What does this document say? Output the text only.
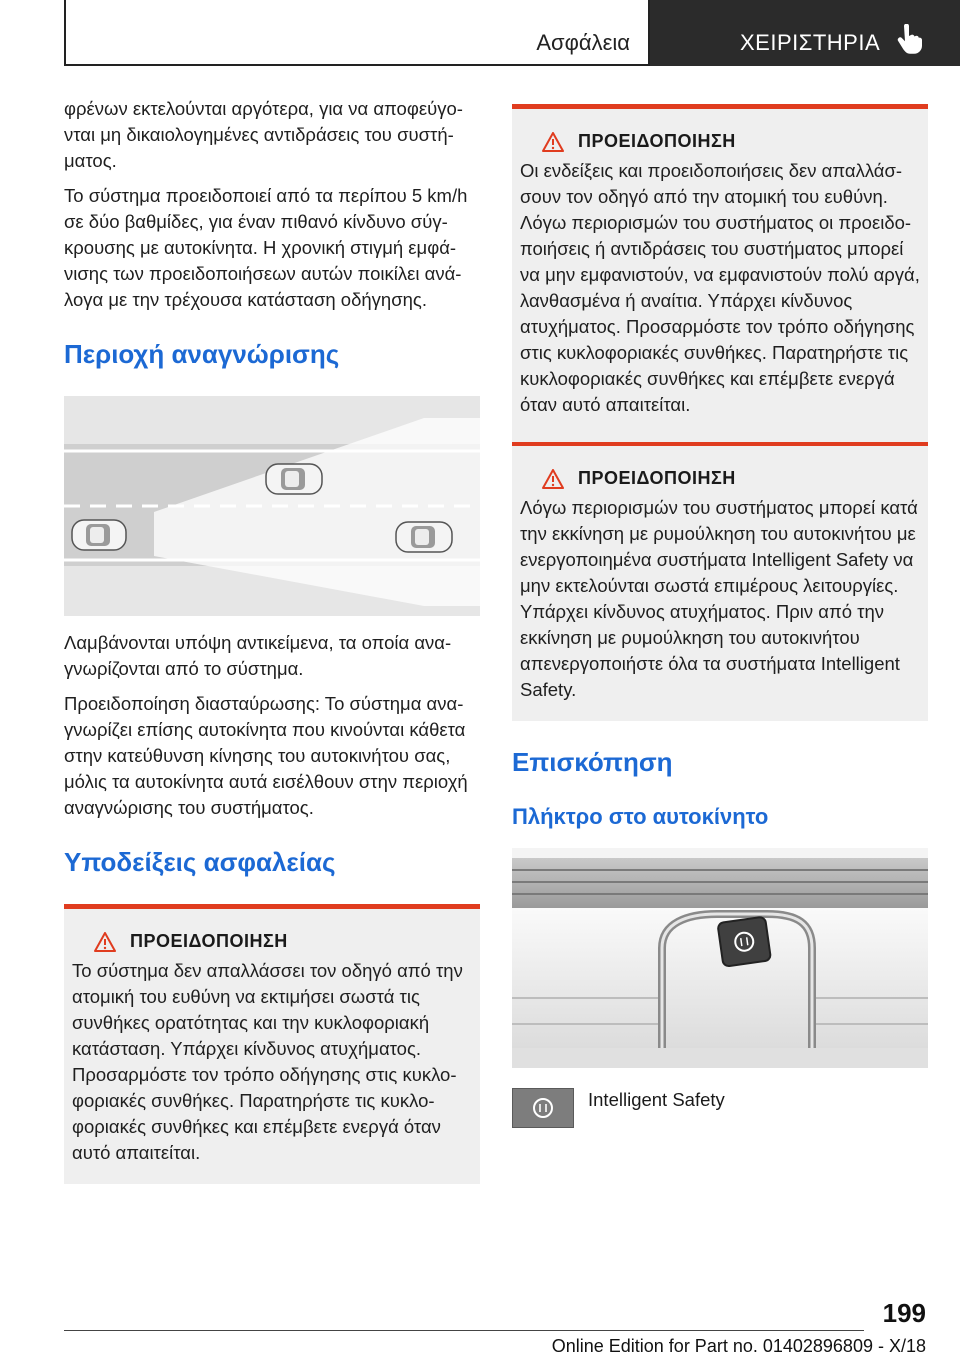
Ασφάλεια	ΧΕΙΡΙΣΤΗΡΙΑ

φρένων εκτελούνται αργότερα, για να αποφεύγονται μη δικαιολογημένες αντιδράσεις του συστήματος.

Το σύστημα προειδοποιεί από τα περίπου 5 km/h σε δύο βαθμίδες, για έναν πιθανό κίνδυνο σύγκρουσης με αυτοκίνητα. Η χρονική στιγμή εμφάνισης των προειδοποιήσεων αυτών ποικίλει ανάλογα με την τρέχουσα κατάσταση οδήγησης.

Περιοχή αναγνώρισης

Λαμβάνονται υπόψη αντικείμενα, τα οποία αναγνωρίζονται από το σύστημα.

Προειδοποίηση διασταύρωσης: Το σύστημα αναγνωρίζει επίσης αυτοκίνητα που κινούνται κάθετα στην κατεύθυνση κίνησης του αυτοκινήτου σας, μόλις τα αυτοκίνητα αυτά εισέλθουν στην περιοχή αναγνώρισης του συστήματος.

Υποδείξεις ασφαλείας
ΠΡΟΕΙΔΟΠΟΙΗΣΗ

Το σύστημα δεν απαλλάσσει τον οδηγό από την ατομική του ευθύνη να εκτιμήσει σωστά τις συνθήκες ορατότητας και την κυκλοφοριακή κατάσταση. Υπάρχει κίνδυνος ατυχήματος. Προσαρμόστε τον τρόπο οδήγησης στις κυκλοφοριακές συνθήκες. Παρατηρήστε τις κυκλοφοριακές συνθήκες και επέμβετε ενεργά όταν αυτό απαιτείται.

ΠΡΟΕΙΔΟΠΟΙΗΣΗ

Οι ενδείξεις και προειδοποιήσεις δεν απαλλάσσουν τον οδηγό από την ατομική του ευθύνη. Λόγω περιορισμών του συστήματος οι προειδοποιήσεις ή αντιδράσεις του συστήματος μπορεί να μην εμφανιστούν, να εμφανιστούν πολύ αργά, λανθασμένα ή αναίτια. Υπάρχει κίνδυνος ατυχήματος. Προσαρμόστε τον τρόπο οδήγησης στις κυκλοφοριακές συνθήκες. Παρατηρήστε τις κυκλοφοριακές συνθήκες και επέμβετε ενεργά όταν αυτό απαιτείται.

ΠΡΟΕΙΔΟΠΟΙΗΣΗ

Λόγω περιορισμών του συστήματος μπορεί κατά την εκκίνηση με ρυμούλκηση του αυτοκινήτου με ενεργοποιημένα συστήματα Intelligent Safety να μην εκτελούνται σωστά επιμέρους λειτουργίες. Υπάρχει κίνδυνος ατυχήματος. Πριν από την εκκίνηση με ρυμούλκηση του αυτοκινήτου απενεργοποιήστε όλα τα συστήματα Intelligent Safety.

Επισκόπηση
Πλήκτρο στο αυτοκίνητο
Intelligent Safety
199
Online Edition for Part no. 01402896809 - X/18
